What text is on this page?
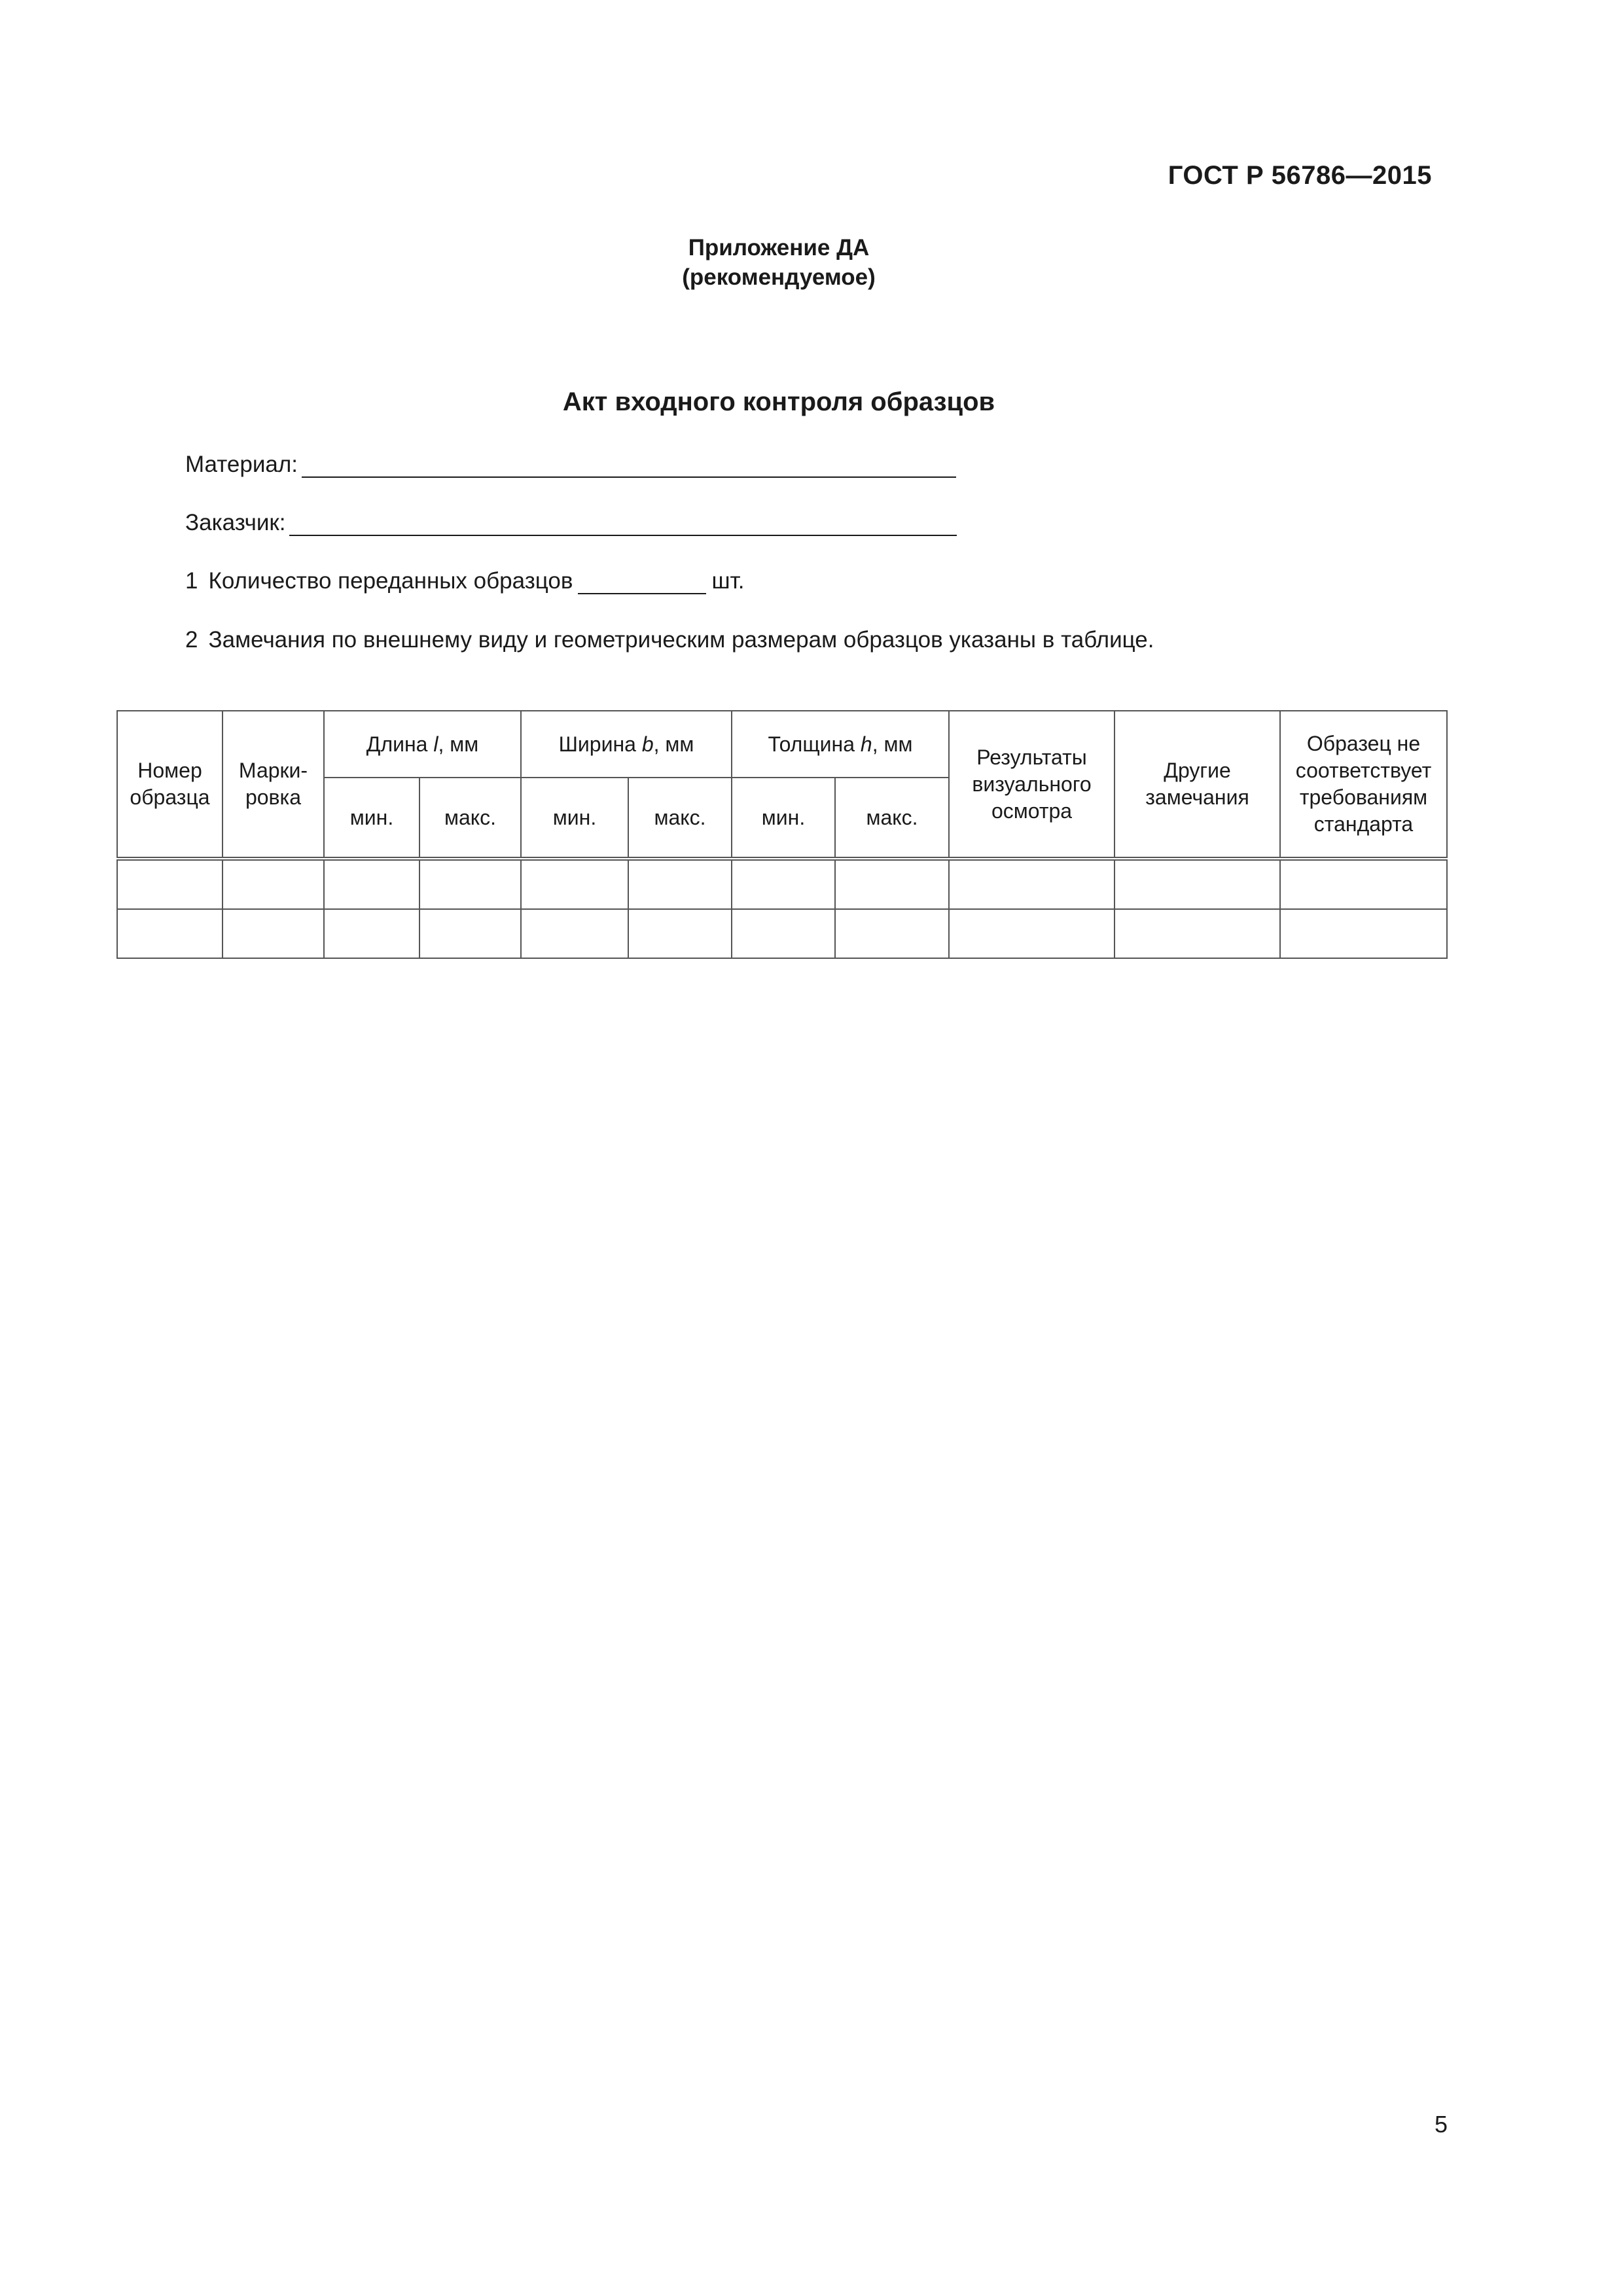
ГОСТ Р 56786—2015
Приложение ДА
(рекомендуемое)
Акт входного контроля образцов
Материал:
Заказчик:
1 Количество переданных образцов	шт.
2 Замечания по внешнему виду и геометрическим размерам образцов указаны в таблице.
Номер образца	Марки-ровка	Длина l, мм		Ширина b, мм		Толщина h, мм		Результаты визуального осмотра	Другие замечания	Образец не соответствует требованиям стандарта
		мин.	макс.	мин.	макс.	мин.	макс.			

5
